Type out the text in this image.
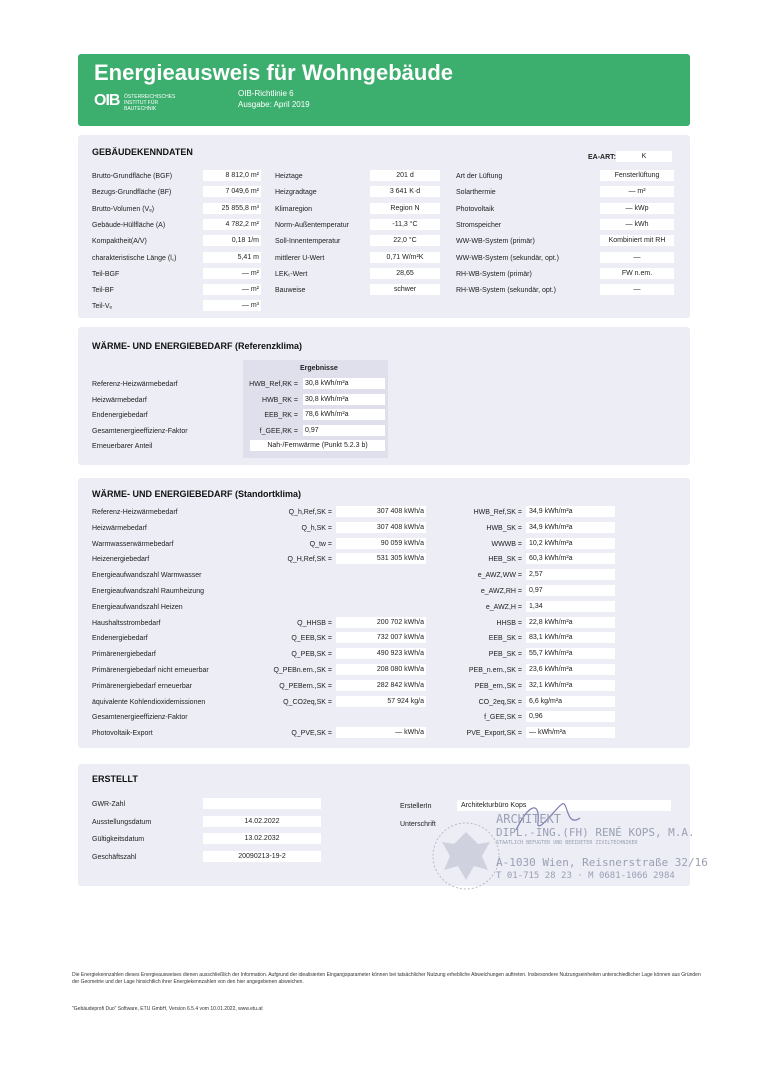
Energieausweis für Wohngebäude
OIB ÖSTERREICHISCHES INSTITUT FÜR BAUTECHNIK
OIB-Richtlinie 6
Ausgabe: April 2019
GEBÄUDEKENNDATEN
EA-ART:	K
WÄRME- UND ENERGIEBEDARF (Referenzklima)
Ergebnisse
WÄRME- UND ENERGIEBEDARF (Standortklima)
ERSTELLT
ErstellerIn	Architekturbüro Kops
Unterschrift	ARCHITEKT
DIPL.-ING.(FH) RENÉ KOPS, M.A.
STAATLICH BEFUGTER UND BEEIDETER ZIVILTECHNIKER
A-1030 Wien, Reisnerstraße 32/16
T 01-715 28 23 · M 0681-1066 2984
Die Energiekennzahlen dieses Energieausweises dienen ausschließlich der Information. Aufgrund der idealisierten Eingangsparameter können bei tatsächlicher Nutzung erhebliche Abweichungen auftreten. Insbesondere Nutzungseinheiten unterschiedlicher Lage können aus Gründen der Geometrie und der Lage hinsichtlich ihrer Energiekennzahlen von den hier angegebenen abweichen.
"Gebäudeprofi Duo" Software, ETU GmbH, Version 6.5.4 vom 10.01.2022, www.etu.at
Brutto-Grundfläche (BGF)	8 812,0 m²
Bezugs-Grundfläche (BF)	7 049,6 m²
Brutto-Volumen (Vₑ)	25 855,8 m³
Gebäude-Hüllfläche (A)	4 782,2 m²
Kompaktheit(A/V)	0,18 1/m
charakteristische Länge (l꜀)	5,41 m
Teil-BGF	— m²
Teil-BF	— m²
Teil-Vₑ	— m³
Heiztage	201 d
Heizgradtage	3 641 K·d
Klimaregion	Region N
Norm-Außentemperatur	-11,3 °C
Soll-Innentemperatur	22,0 °C
mittlerer U-Wert	0,71 W/m²K
LEKₜ-Wert	28,65
Bauweise	schwer
Art der Lüftung	Fensterlüftung
Solarthermie	— m²
Photovoltaik	— kWp
Stromspeicher	— kWh
WW-WB-System (primär)	Kombiniert mit RH
WW-WB-System (sekundär, opt.)	—
RH-WB-System (primär)	FW n.em.
RH-WB-System (sekundär, opt.)	—
Referenz-Heizwärmebedarf	HWB_Ref,RK = 30,8 kWh/m²a
Heizwärmebedarf	HWB_RK = 30,8 kWh/m²a
Endenergiebedarf	EEB_RK = 78,6 kWh/m²a
Gesamtenergieeffizienz-Faktor	f_GEE,RK = 0,97
Erneuerbarer Anteil	Nah-/Fernwärme (Punkt 5.2.3 b)
Referenz-Heizwärmebedarf	Q_h,Ref,SK =	307 408 kWh/a	HWB_Ref,SK =	34,9 kWh/m²a
Heizwärmebedarf	Q_h,SK =	307 408 kWh/a	HWB_SK =	34,9 kWh/m²a
Warmwasserwärmebedarf	Q_tw =	90 059 kWh/a	WWWB =	10,2 kWh/m²a
Heizenergiebedarf	Q_H,Ref,SK =	531 305 kWh/a	HEB_SK =	60,3 kWh/m²a
Energieaufwandszahl Warmwasser	e_AWZ,WW =	2,57
Energieaufwandszahl Raumheizung	e_AWZ,RH =	0,97
Energieaufwandszahl Heizen	e_AWZ,H =	1,34
Haushaltsstrombedarf	Q_HHSB =	200 702 kWh/a	HHSB =	22,8 kWh/m²a
Endenergiebedarf	Q_EEB,SK =	732 007 kWh/a	EEB_SK =	83,1 kWh/m²a
Primärenergiebedarf	Q_PEB,SK =	490 923 kWh/a	PEB_SK =	55,7 kWh/m²a
Primärenergiebedarf nicht erneuerbar	Q_PEBn.ern.,SK =	208 080 kWh/a	PEB_n.ern.,SK =	23,6 kWh/m²a
Primärenergiebedarf erneuerbar	Q_PEBern.,SK =	282 842 kWh/a	PEB_ern.,SK =	32,1 kWh/m²a
äquivalente Kohlendioxidemissionen	Q_CO2eq,SK =	57 924 kg/a	CO_2eq,SK =	6,6 kg/m²a
Gesamtenergieeffizienz-Faktor	f_GEE,SK =	0,96
Photovoltaik-Export	Q_PVE,SK =	— kWh/a	PVE_Export,SK =	— kWh/m²a
GWR-Zahl
Ausstellungsdatum	14.02.2022
Gültigkeitsdatum	13.02.2032
Geschäftszahl	20090213-19-2
